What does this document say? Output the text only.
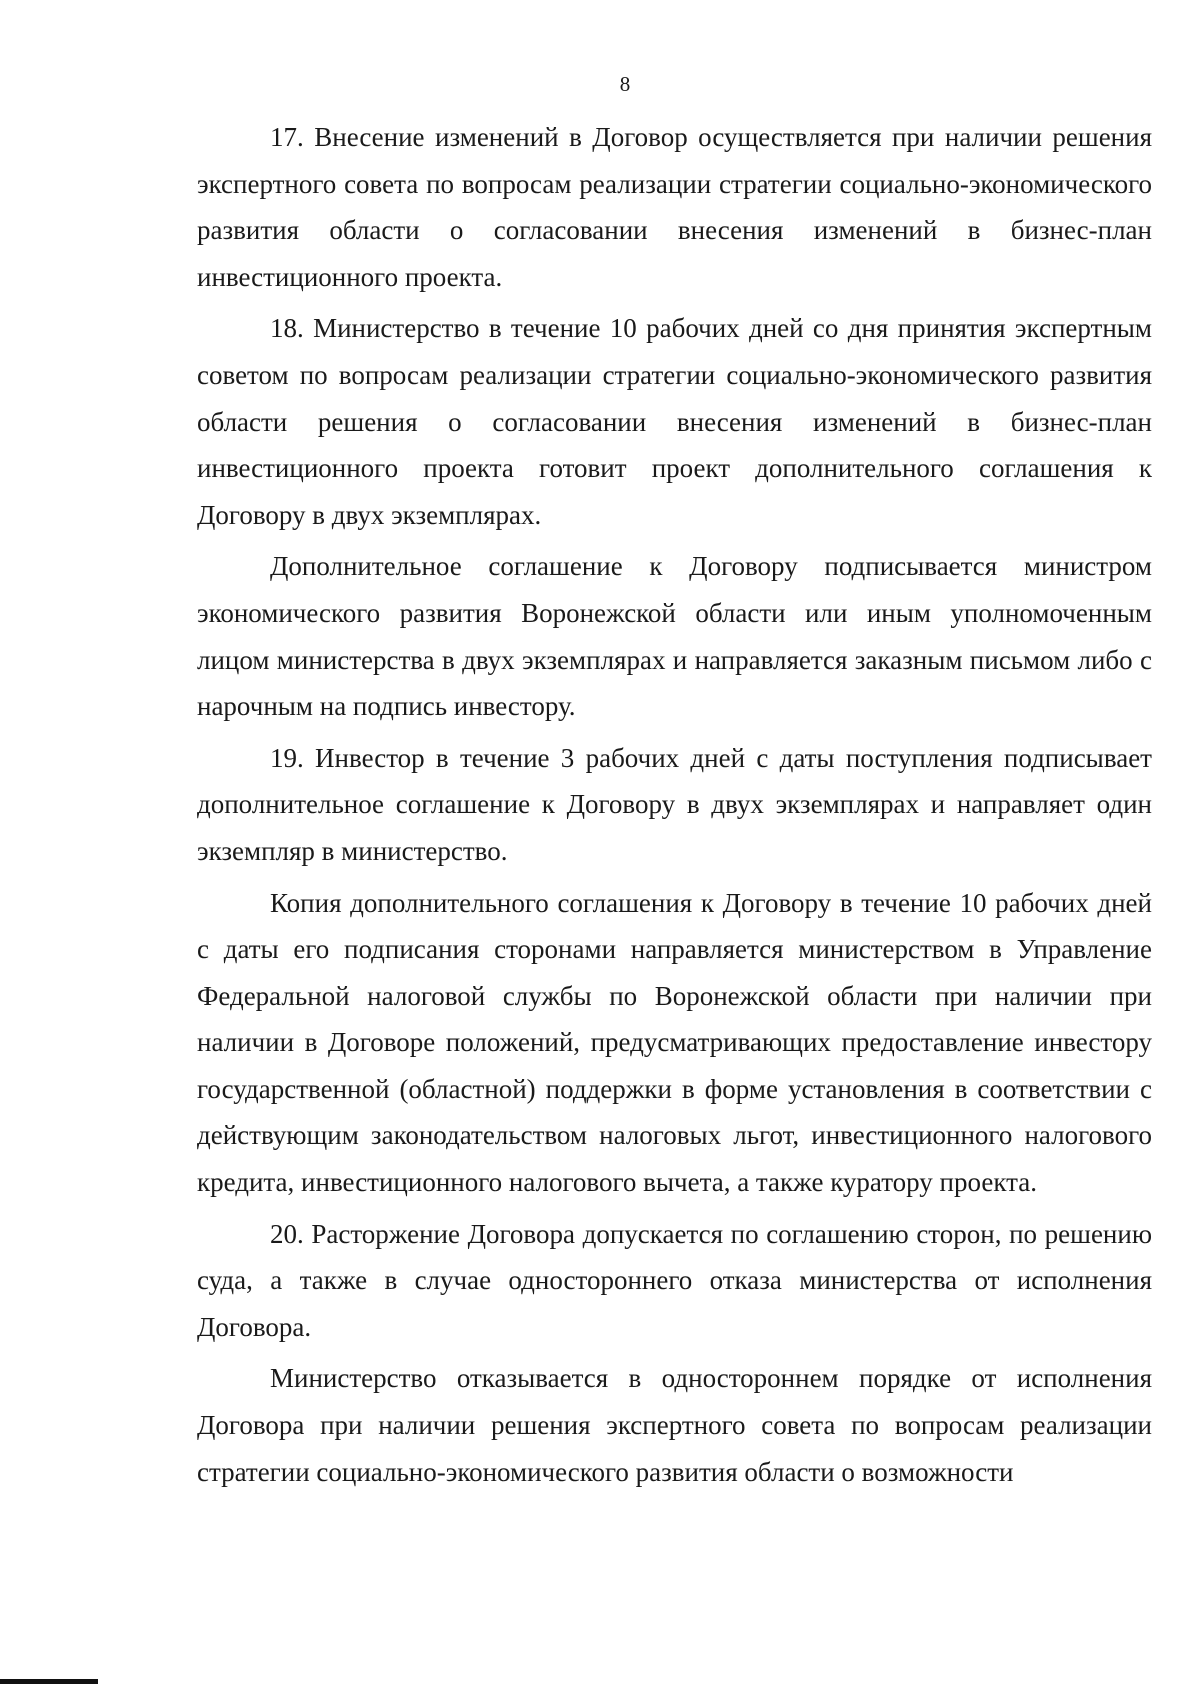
8

17. Внесение изменений в Договор осуществляется при наличии решения экспертного совета по вопросам реализации стратегии социально-экономического развития области о согласовании внесения изменений в бизнес-план инвестиционного проекта.

18. Министерство в течение 10 рабочих дней со дня принятия экспертным советом по вопросам реализации стратегии социально-экономического развития области решения о согласовании внесения изменений в бизнес-план инвестиционного проекта готовит проект дополнительного соглашения к Договору в двух экземплярах.

Дополнительное соглашение к Договору подписывается министром экономического развития Воронежской области или иным уполномоченным лицом министерства в двух экземплярах и направляется заказным письмом либо с нарочным на подпись инвестору.

19. Инвестор в течение 3 рабочих дней с даты поступления подписывает дополнительное соглашение к Договору в двух экземплярах и направляет один экземпляр в министерство.

Копия дополнительного соглашения к Договору в течение 10 рабочих дней с даты его подписания сторонами направляется министерством в Управление Федеральной налоговой службы по Воронежской области при наличии при наличии в Договоре положений, предусматривающих предоставление инвестору государственной (областной) поддержки в форме установления в соответствии с действующим законодательством налоговых льгот, инвестиционного налогового кредита, инвестиционного налогового вычета, а также куратору проекта.

20. Расторжение Договора допускается по соглашению сторон, по решению суда, а также в случае одностороннего отказа министерства от исполнения Договора.

Министерство отказывается в одностороннем порядке от исполнения Договора при наличии решения экспертного совета по вопросам реализации стратегии социально-экономического развития области о возможности
